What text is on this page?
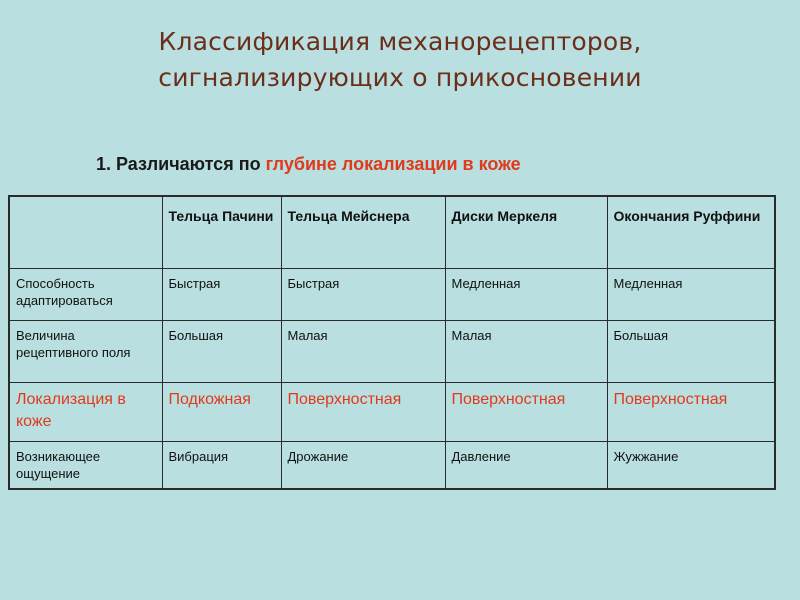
Классификация механорецепторов,
сигнализирующих о прикосновении
1. Различаются по глубине локализации в коже
	Тельца Пачини	Тельца Мейснера	Диски Меркеля	Окончания Руффини
Способность адаптироваться	Быстрая	Быстрая	Медленная	Медленная
Величина рецептивного поля	Большая	Малая	Малая	Большая
Локализация в коже	Подкожная	Поверхностная	Поверхностная	Поверхностная
Возникающее ощущение	Вибрация	Дрожание	Давление	Жужжание
